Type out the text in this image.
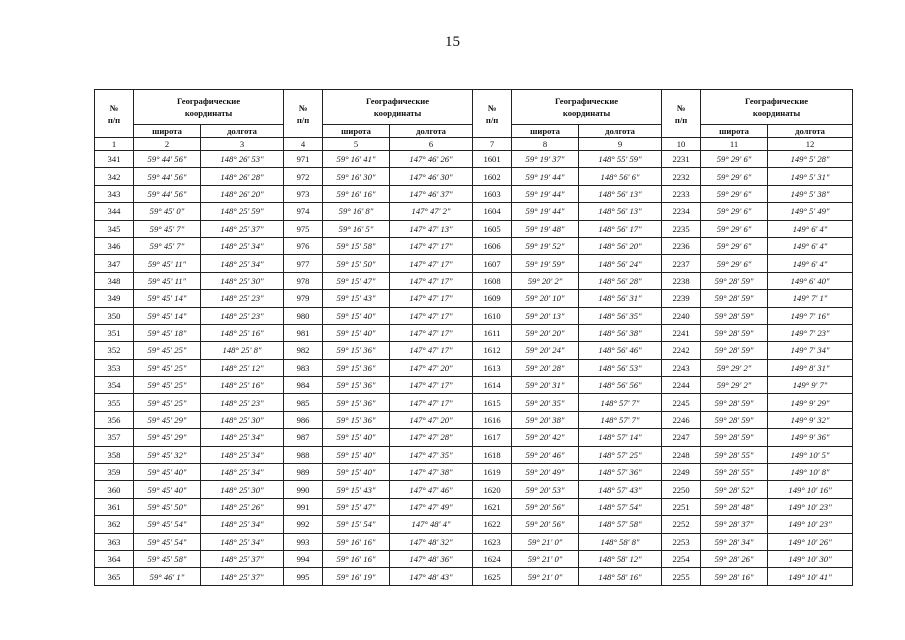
15
№
п/п	Географические
координаты		№
п/п	Географические
координаты		№
п/п	Географические
координаты		№
п/п	Географические
координаты	
	широта	долгота		широта	долгота		широта	долгота		широта	долгота
1	2	3	4	5	6	7	8	9	10	11	12
341	59° 44' 56"	148° 26' 53"	971	59° 16' 41"	147° 46' 26"	1601	59° 19' 37"	148° 55' 59"	2231	59° 29' 6"	149° 5' 28"
342	59° 44' 56"	148° 26' 28"	972	59° 16' 30"	147° 46' 30"	1602	59° 19' 44"	148° 56' 6"	2232	59° 29' 6"	149° 5' 31"
343	59° 44' 56"	148° 26' 20"	973	59° 16' 16"	147° 46' 37"	1603	59° 19' 44"	148° 56' 13"	2233	59° 29' 6"	149° 5' 38"
344	59° 45' 0"	148° 25' 59"	974	59° 16' 8"	147° 47' 2"	1604	59° 19' 44"	148° 56' 13"	2234	59° 29' 6"	149° 5' 49"
345	59° 45' 7"	148° 25' 37"	975	59° 16' 5"	147° 47' 13"	1605	59° 19' 48"	148° 56' 17"	2235	59° 29' 6"	149° 6' 4"
346	59° 45' 7"	148° 25' 34"	976	59° 15' 58"	147° 47' 17"	1606	59° 19' 52"	148° 56' 20"	2236	59° 29' 6"	149° 6' 4"
347	59° 45' 11"	148° 25' 34"	977	59° 15' 50"	147° 47' 17"	1607	59° 19' 59"	148° 56' 24"	2237	59° 29' 6"	149° 6' 4"
348	59° 45' 11"	148° 25' 30"	978	59° 15' 47"	147° 47' 17"	1608	59° 20' 2"	148° 56' 28"	2238	59° 28' 59"	149° 6' 40"
349	59° 45' 14"	148° 25' 23"	979	59° 15' 43"	147° 47' 17"	1609	59° 20' 10"	148° 56' 31"	2239	59° 28' 59"	149° 7' 1"
350	59° 45' 14"	148° 25' 23"	980	59° 15' 40"	147° 47' 17"	1610	59° 20' 13"	148° 56' 35"	2240	59° 28' 59"	149° 7' 16"
351	59° 45' 18"	148° 25' 16"	981	59° 15' 40"	147° 47' 17"	1611	59° 20' 20"	148° 56' 38"	2241	59° 28' 59"	149° 7' 23"
352	59° 45' 25"	148° 25' 8"	982	59° 15' 36"	147° 47' 17"	1612	59° 20' 24"	148° 56' 46"	2242	59° 28' 59"	149° 7' 34"
353	59° 45' 25"	148° 25' 12"	983	59° 15' 36"	147° 47' 20"	1613	59° 20' 28"	148° 56' 53"	2243	59° 29' 2"	149° 8' 31"
354	59° 45' 25"	148° 25' 16"	984	59° 15' 36"	147° 47' 17"	1614	59° 20' 31"	148° 56' 56"	2244	59° 29' 2"	149° 9' 7"
355	59° 45' 25"	148° 25' 23"	985	59° 15' 36"	147° 47' 17"	1615	59° 20' 35"	148° 57' 7"	2245	59° 28' 59"	149° 9' 29"
356	59° 45' 29"	148° 25' 30"	986	59° 15' 36"	147° 47' 20"	1616	59° 20' 38"	148° 57' 7"	2246	59° 28' 59"	149° 9' 32"
357	59° 45' 29"	148° 25' 34"	987	59° 15' 40"	147° 47' 28"	1617	59° 20' 42"	148° 57' 14"	2247	59° 28' 59"	149° 9' 36"
358	59° 45' 32"	148° 25' 34"	988	59° 15' 40"	147° 47' 35"	1618	59° 20' 46"	148° 57' 25"	2248	59° 28' 55"	149° 10' 5"
359	59° 45' 40"	148° 25' 34"	989	59° 15' 40"	147° 47' 38"	1619	59° 20' 49"	148° 57' 36"	2249	59° 28' 55"	149° 10' 8"
360	59° 45' 40"	148° 25' 30"	990	59° 15' 43"	147° 47' 46"	1620	59° 20' 53"	148° 57' 43"	2250	59° 28' 52"	149° 10' 16"
361	59° 45' 50"	148° 25' 26"	991	59° 15' 47"	147° 47' 49"	1621	59° 20' 56"	148° 57' 54"	2251	59° 28' 48"	149° 10' 23"
362	59° 45' 54"	148° 25' 34"	992	59° 15' 54"	147° 48' 4"	1622	59° 20' 56"	148° 57' 58"	2252	59° 28' 37"	149° 10' 23"
363	59° 45' 54"	148° 25' 34"	993	59° 16' 16"	147° 48' 32"	1623	59° 21' 0"	148° 58' 8"	2253	59° 28' 34"	149° 10' 26"
364	59° 45' 58"	148° 25' 37"	994	59° 16' 16"	147° 48' 36"	1624	59° 21' 0"	148° 58' 12"	2254	59° 28' 26"	149° 10' 30"
365	59° 46' 1"	148° 25' 37"	995	59° 16' 19"	147° 48' 43"	1625	59° 21' 0"	148° 58' 16"	2255	59° 28' 16"	149° 10' 41"
